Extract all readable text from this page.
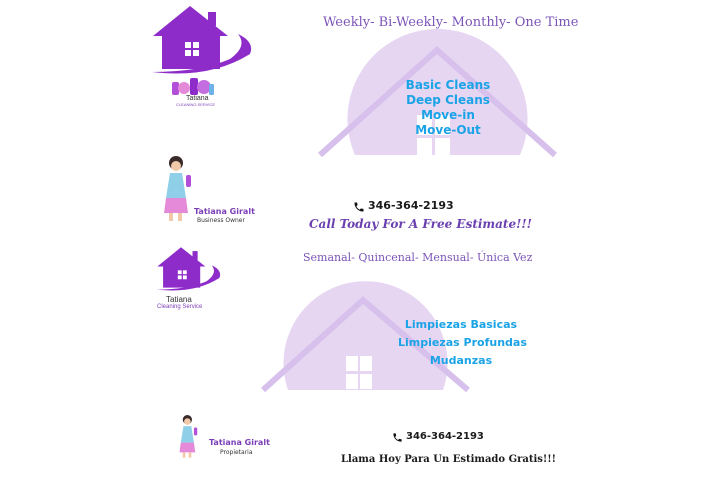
Tatiana
CLEANING SERVICE
Weekly- Bi-Weekly- Monthly- One Time
Basic Cleans
Deep Cleans
Move-in
Move-Out
Tatiana Giralt
Business Owner
346-364-2193
Call Today For A Free Estimate!!!
Tatiana
Cleaning Service
Semanal- Quincenal- Mensual- Única Vez
Limpiezas Basicas
Limpiezas Profundas
Mudanzas
Tatiana Giralt
Propietaria
346-364-2193
Llama Hoy Para Un Estimado Gratis!!!
